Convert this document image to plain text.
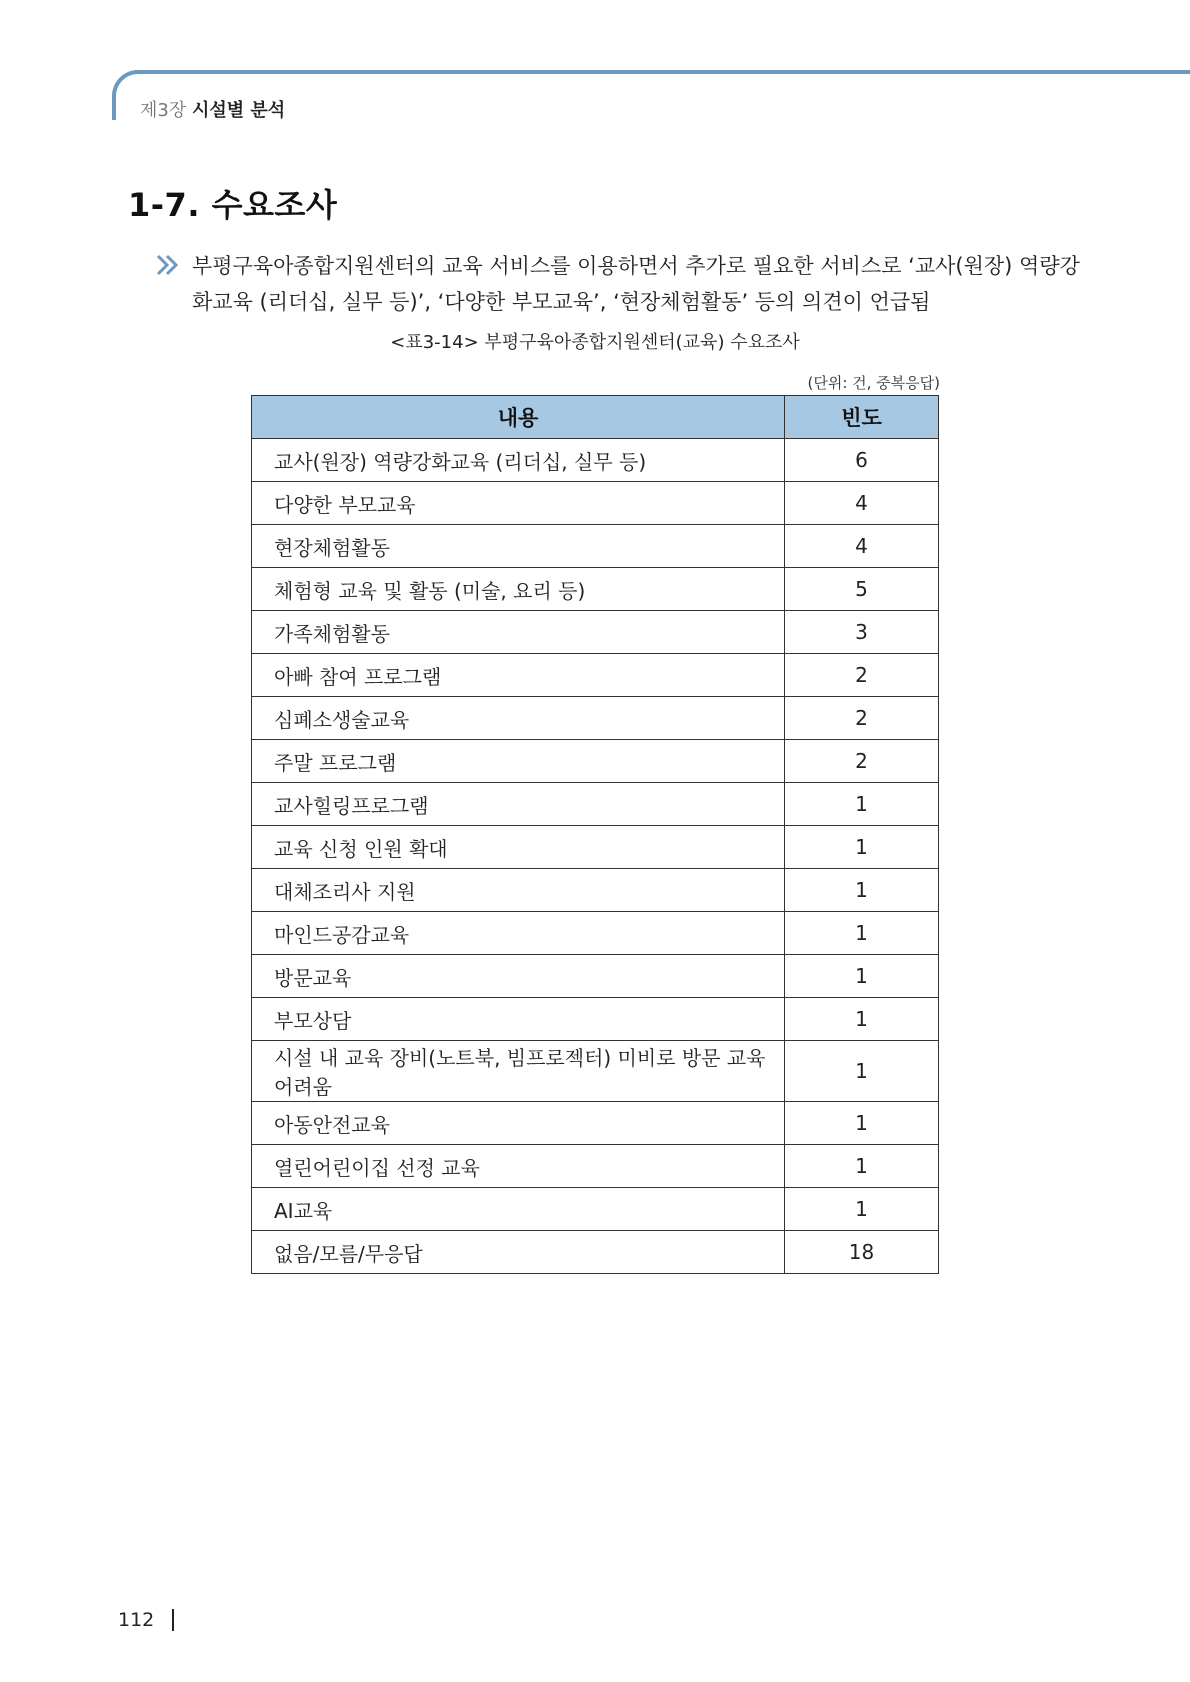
제3장 시설별 분석
1-7. 수요조사
부평구육아종합지원센터의 교육 서비스를 이용하면서 추가로 필요한 서비스로 ‘교사(원장) 역량강화교육 (리더십, 실무 등)’, ‘다양한 부모교육’, ‘현장체험활동’ 등의 의견이 언급됨
<표3-14> 부평구육아종합지원센터(교육) 수요조사
(단위: 건, 중복응답)
내용	빈도
교사(원장) 역량강화교육 (리더십, 실무 등)	6
다양한 부모교육	4
현장체험활동	4
체험형 교육 및 활동 (미술, 요리 등)	5
가족체험활동	3
아빠 참여 프로그램	2
심폐소생술교육	2
주말 프로그램	2
교사힐링프로그램	1
교육 신청 인원 확대	1
대체조리사 지원	1
마인드공감교육	1
방문교육	1
부모상담	1
시설 내 교육 장비(노트북, 빔프로젝터) 미비로 방문 교육 어려움	1
아동안전교육	1
열린어린이집 선정 교육	1
AI교육	1
없음/모름/무응답	18
112
